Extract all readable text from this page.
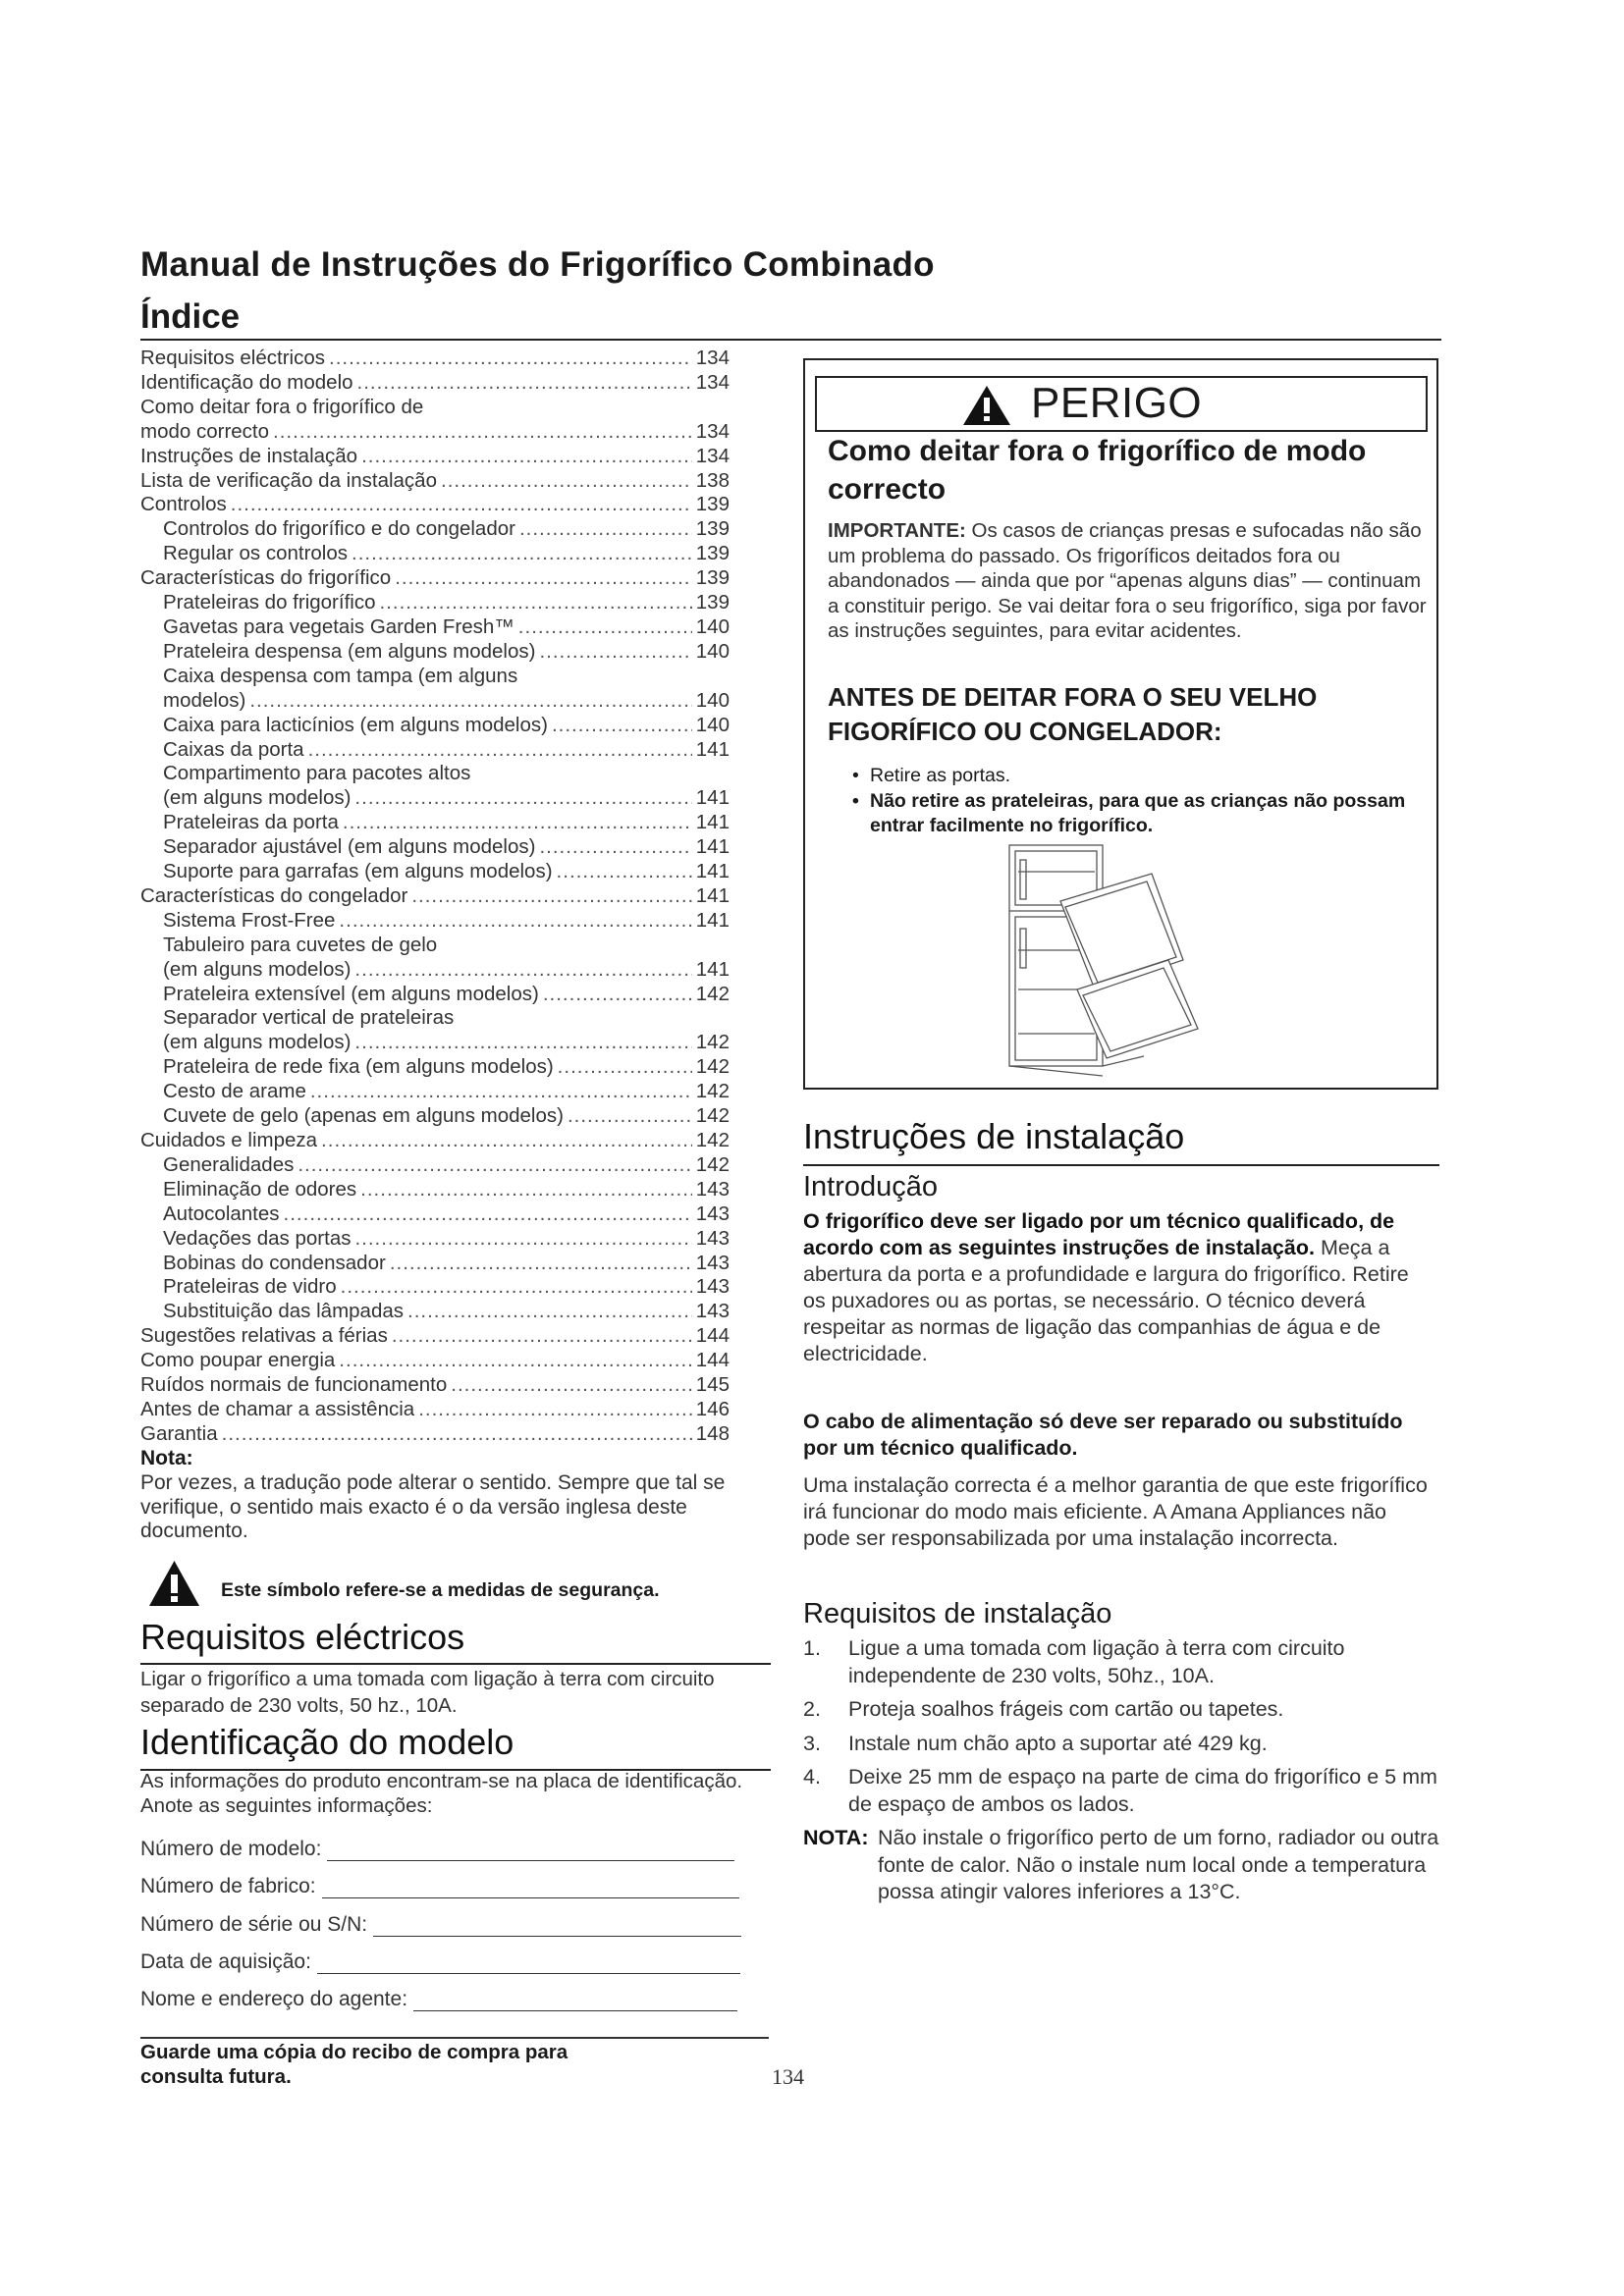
Manual de Instruções do Frigorífico Combinado
Índice
Requisitos eléctricos .....	134
Identificação do modelo .....	134
Como deitar fora o frigorífico de
modo correcto .....	134
Instruções de instalação .....	134
Lista de verificação da instalação .....	138
Controlos .....	139
Controlos do frigorífico e do congelador .....	139
Regular os controlos .....	139
Características do frigorífico .....	139
Prateleiras do frigorífico .....	139
Gavetas para vegetais Garden Fresh™ .....	140
Prateleira despensa (em alguns modelos) .....	140
Caixa despensa com tampa (em alguns
modelos) .....	140
Caixa para lacticínios (em alguns modelos) .....	140
Caixas da porta .....	141
Compartimento para pacotes altos
(em alguns modelos) .....	141
Prateleiras da porta .....	141
Separador ajustável (em alguns modelos) .....	141
Suporte para garrafas (em alguns modelos) .....	141
Características do congelador .....	141
Sistema Frost-Free .....	141
Tabuleiro para cuvetes de gelo
(em alguns modelos) .....	141
Prateleira extensível (em alguns modelos) .....	142
Separador vertical de prateleiras
(em alguns modelos) .....	142
Prateleira de rede fixa (em alguns modelos) .....	142
Cesto de arame .....	142
Cuvete de gelo (apenas em alguns modelos) .....	142
Cuidados e limpeza .....	142
Generalidades .....	142
Eliminação de odores .....	143
Autocolantes .....	143
Vedações das portas .....	143
Bobinas do condensador .....	143
Prateleiras de vidro .....	143
Substituição das lâmpadas .....	143
Sugestões relativas a férias .....	144
Como poupar energia .....	144
Ruídos normais de funcionamento .....	145
Antes de chamar a assistência .....	146
Garantia .....	148
Nota:
Por vezes, a tradução pode alterar o sentido. Sempre que tal se verifique, o sentido mais exacto é o da versão inglesa deste documento.
Este símbolo refere-se a medidas de segurança.
Requisitos eléctricos
Ligar o frigorífico a uma tomada com ligação à terra com circuito separado de 230 volts, 50 hz., 10A.
Identificação do modelo
As informações do produto encontram-se na placa de identificação. Anote as seguintes informações:
Número de modelo:
Número de fabrico:
Número de série ou S/N:
Data de aquisição:
Nome e endereço do agente:
Guarde uma cópia do recibo de compra para consulta futura.	134
PERIGO
Como deitar fora o frigorífico de modo correcto
IMPORTANTE: Os casos de crianças presas e sufocadas não são um problema do passado. Os frigoríficos deitados fora ou abandonados — ainda que por “apenas alguns dias” — continuam a constituir perigo. Se vai deitar fora o seu frigorífico, siga por favor as instruções seguintes, para evitar acidentes.
ANTES DE DEITAR FORA O SEU VELHO FIGORÍFICO OU CONGELADOR:
• Retire as portas.
• Não retire as prateleiras, para que as crianças não possam entrar facilmente no frigorífico.
Instruções de instalação
Introdução
O frigorífico deve ser ligado por um técnico qualificado, de acordo com as seguintes instruções de instalação. Meça a abertura da porta e a profundidade e largura do frigorífico. Retire os puxadores ou as portas, se necessário. O técnico deverá respeitar as normas de ligação das companhias de água e de electricidade.
O cabo de alimentação só deve ser reparado ou substituído por um técnico qualificado.
Uma instalação correcta é a melhor garantia de que este frigorífico irá funcionar do modo mais eficiente. A Amana Appliances não pode ser responsabilizada por uma instalação incorrecta.
Requisitos de instalação
1. Ligue a uma tomada com ligação à terra com circuito independente de 230 volts, 50hz., 10A.
2. Proteja soalhos frágeis com cartão ou tapetes.
3. Instale num chão apto a suportar até 429 kg.
4. Deixe 25 mm de espaço na parte de cima do frigorífico e 5 mm de espaço de ambos os lados.
NOTA: Não instale o frigorífico perto de um forno, radiador ou outra fonte de calor. Não o instale num local onde a temperatura possa atingir valores inferiores a 13°C.
